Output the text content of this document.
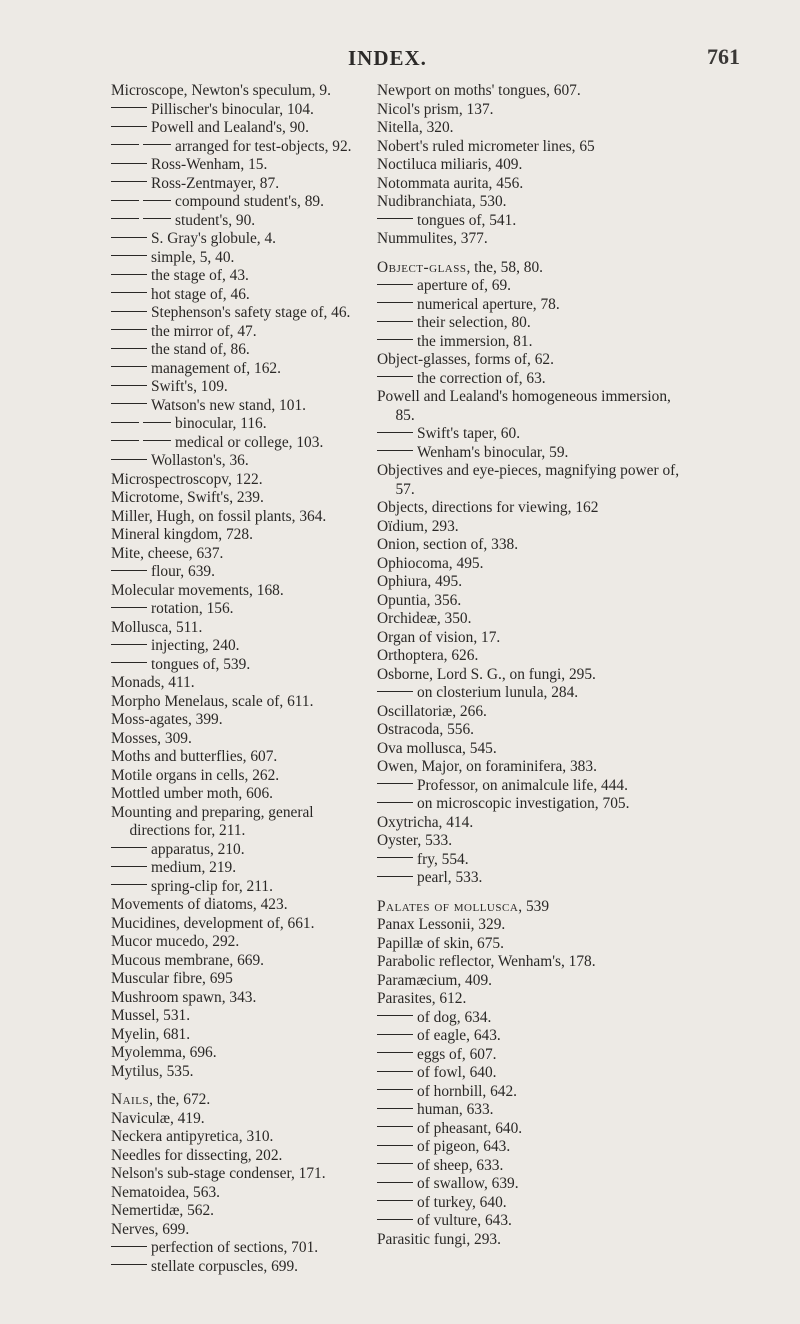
INDEX.	761
Microscope, Newton's speculum, 9.
Pillischer's binocular, 104.
Powell and Lealand's, 90.
arranged for test-objects, 92.
Ross-Wenham, 15.
Ross-Zentmayer, 87.
compound student's, 89.
student's, 90.
S. Gray's globule, 4.
simple, 5, 40.
the stage of, 43.
hot stage of, 46.
Stephenson's safety stage of, 46.
the mirror of, 47.
the stand of, 86.
management of, 162.
Swift's, 109.
Watson's new stand, 101.
binocular, 116.
medical or college, 103.
Wollaston's, 36.
Microspectroscopv, 122.
Microtome, Swift's, 239.
Miller, Hugh, on fossil plants, 364.
Mineral kingdom, 728.
Mite, cheese, 637.
flour, 639.
Molecular movements, 168.
rotation, 156.
Mollusca, 511.
injecting, 240.
tongues of, 539.
Monads, 411.
Morpho Menelaus, scale of, 611.
Moss-agates, 399.
Mosses, 309.
Moths and butterflies, 607.
Motile organs in cells, 262.
Mottled umber moth, 606.
Mounting and preparing, general directions for, 211.
apparatus, 210.
medium, 219.
spring-clip for, 211.
Movements of diatoms, 423.
Mucidines, development of, 661.
Mucor mucedo, 292.
Mucous membrane, 669.
Muscular fibre, 695
Mushroom spawn, 343.
Mussel, 531.
Myelin, 681.
Myolemma, 696.
Mytilus, 535.
Nails, the, 672.
Naviculæ, 419.
Neckera antipyretica, 310.
Needles for dissecting, 202.
Nelson's sub-stage condenser, 171.
Nematoidea, 563.
Nemertidæ, 562.
Nerves, 699.
perfection of sections, 701.
stellate corpuscles, 699.
Newport on moths' tongues, 607.
Nicol's prism, 137.
Nitella, 320.
Nobert's ruled micrometer lines, 65
Noctiluca miliaris, 409.
Notommata aurita, 456.
Nudibranchiata, 530.
tongues of, 541.
Nummulites, 377.
Object-glass, the, 58, 80.
aperture of, 69.
numerical aperture, 78.
their selection, 80.
the immersion, 81.
Object-glasses, forms of, 62.
the correction of, 63.
Powell and Lealand's homogeneous immersion, 85.
Swift's taper, 60.
Wenham's binocular, 59.
Objectives and eye-pieces, magnifying power of, 57.
Objects, directions for viewing, 162
Oïdium, 293.
Onion, section of, 338.
Ophiocoma, 495.
Ophiura, 495.
Opuntia, 356.
Orchideæ, 350.
Organ of vision, 17.
Orthoptera, 626.
Osborne, Lord S. G., on fungi, 295.
on closterium lunula, 284.
Oscillatoriæ, 266.
Ostracoda, 556.
Ova mollusca, 545.
Owen, Major, on foraminifera, 383.
Professor, on animalcule life, 444.
on microscopic investigation, 705.
Oxytricha, 414.
Oyster, 533.
fry, 554.
pearl, 533.
Palates of mollusca, 539
Panax Lessonii, 329.
Papillæ of skin, 675.
Parabolic reflector, Wenham's, 178.
Paramæcium, 409.
Parasites, 612.
of dog, 634.
of eagle, 643.
eggs of, 607.
of fowl, 640.
of hornbill, 642.
human, 633.
of pheasant, 640.
of pigeon, 643.
of sheep, 633.
of swallow, 639.
of turkey, 640.
of vulture, 643.
Parasitic fungi, 293.
